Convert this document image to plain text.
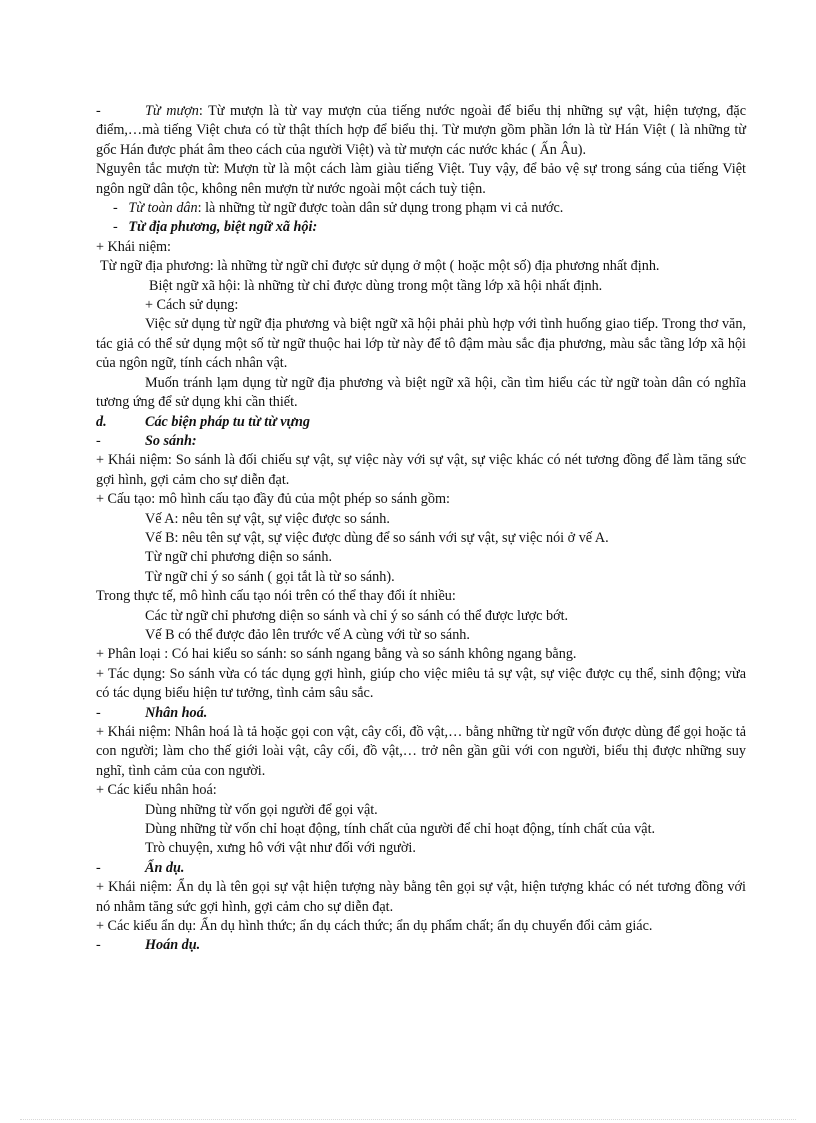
-	Từ mượn: Từ mượn là từ vay mượn của tiếng nước ngoài để biểu thị những sự vật, hiện tượng, đặc điểm,…mà tiếng Việt chưa có từ thật thích hợp để biểu thị. Từ mượn gồm phần lớn là từ Hán Việt ( là những từ gốc Hán được phát âm theo cách của người Việt) và từ mượn các nước khác ( Ấn Âu).

Nguyên tắc mượn từ: Mượn từ là một cách làm giàu tiếng Việt. Tuy vậy, để bảo vệ sự trong sáng của tiếng Việt ngôn ngữ dân tộc, không nên mượn từ nước ngoài một cách tuỳ tiện.

- Từ toàn dân: là những từ ngữ được toàn dân sử dụng trong phạm vi cả nước.

- Từ địa phương, biệt ngữ xã hội:

+ Khái niệm:

Từ ngữ địa phương: là những từ ngữ chỉ được sử dụng ở một ( hoặc một số) địa phương nhất định.

Biệt ngữ xã hội: là những từ chỉ được dùng trong một tầng lớp xã hội nhất định.

+ Cách sử dụng:

Việc sử dụng từ ngữ địa phương và biệt ngữ xã hội phải phù hợp với tình huống giao tiếp. Trong thơ văn, tác giả có thể sử dụng một số từ ngữ thuộc hai lớp từ này để tô đậm màu sắc địa phương, màu sắc tầng lớp xã hội của ngôn ngữ, tính cách nhân vật.

Muốn tránh lạm dụng từ ngữ địa phương và biệt ngữ xã hội, cần tìm hiểu các từ ngữ toàn dân có nghĩa tương ứng để sử dụng khi cần thiết.

d.	Các biện pháp tu từ từ vựng

-	So sánh:

+ Khái niệm: So sánh là đối chiếu sự vật, sự việc này với sự vật, sự việc khác có nét tương đồng để làm tăng sức gợi hình, gợi cảm cho sự diễn đạt.

+ Cấu tạo: mô hình cấu tạo đầy đủ của một phép so sánh gồm:

Vế A: nêu tên sự vật, sự việc được so sánh.

Vế B: nêu tên sự vật, sự việc được dùng để so sánh với sự vật, sự việc nói ở vế A.

Từ ngữ chỉ phương diện so sánh.

Từ ngữ chỉ ý so sánh ( gọi tắt là từ so sánh).

Trong thực tế, mô hình cấu tạo nói trên có thể thay đổi ít nhiều:

Các từ ngữ chỉ phương diện so sánh và chỉ ý so sánh có thể được lược bớt.

Vế B có thể được đảo lên trước vế A cùng với từ so sánh.

+ Phân loại : Có hai kiểu so sánh: so sánh ngang bằng và so sánh không ngang bằng.

+ Tác dụng: So sánh vừa có tác dụng gợi hình, giúp cho việc miêu tả sự vật, sự việc được cụ thể, sinh động; vừa có tác dụng biểu hiện tư tưởng, tình cảm sâu sắc.

-	Nhân hoá.

+ Khái niệm: Nhân hoá là tả hoặc gọi con vật, cây cối, đồ vật,… bằng những từ ngữ vốn được dùng để gọi hoặc tả con người; làm cho thế giới loài vật, cây cối, đồ vật,… trở nên gần gũi với con người, biểu thị được những suy nghĩ, tình cảm của con người.

+ Các kiểu nhân hoá:

Dùng những từ vốn gọi người để gọi vật.

Dùng những từ vốn chỉ hoạt động, tính chất của người để chỉ hoạt động, tính chất của vật.

Trò chuyện, xưng hô với vật như đối với người.

-	Ẩn dụ.

+ Khái niệm: Ẩn dụ là tên gọi sự vật hiện tượng này bằng tên gọi sự vật, hiện tượng khác có nét tương đồng với nó nhằm tăng sức gợi hình, gợi cảm cho sự diễn đạt.

+ Các kiểu ẩn dụ: Ẩn dụ hình thức; ẩn dụ cách thức; ẩn dụ phẩm chất; ẩn dụ chuyển đổi cảm giác.

-	Hoán dụ.
